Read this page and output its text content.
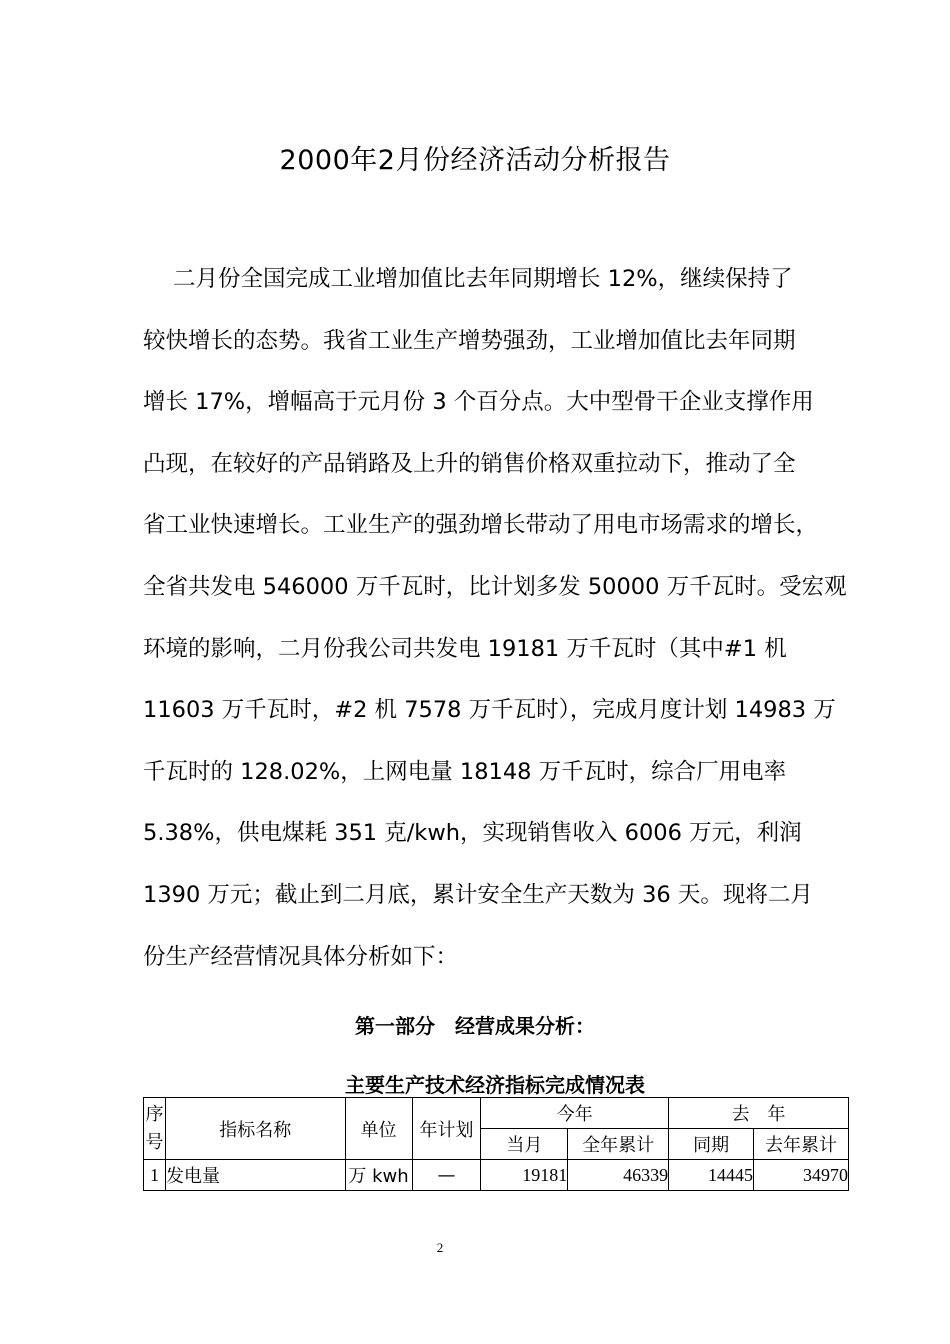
2000年2月份经济活动分析报告
二月份全国完成工业增加值比去年同期增长 12%，继续保持了
较快增长的态势。我省工业生产增势强劲，工业增加值比去年同期
增长 17%，增幅高于元月份 3 个百分点。大中型骨干企业支撑作用
凸现，在较好的产品销路及上升的销售价格双重拉动下，推动了全
省工业快速增长。工业生产的强劲增长带动了用电市场需求的增长，
全省共发电 546000 万千瓦时，比计划多发 50000 万千瓦时。受宏观
环境的影响，二月份我公司共发电 19181 万千瓦时（其中#1 机
11603 万千瓦时，#2 机 7578 万千瓦时），完成月度计划 14983 万
千瓦时的 128.02%，上网电量 18148 万千瓦时，综合厂用电率
5.38%，供电煤耗 351 克/kwh，实现销售收入 6006 万元，利润
1390 万元；截止到二月底，累计安全生产天数为 36 天。现将二月
份生产经营情况具体分析如下：
第一部分　经营成果分析：
主要生产技术经济指标完成情况表
序
号	指标名称	单位	年计划	今年		去　年	
				当月	全年累计	同期	去年累计
1	发电量	万 kwh	—	19181	46339	14445	34970
2
